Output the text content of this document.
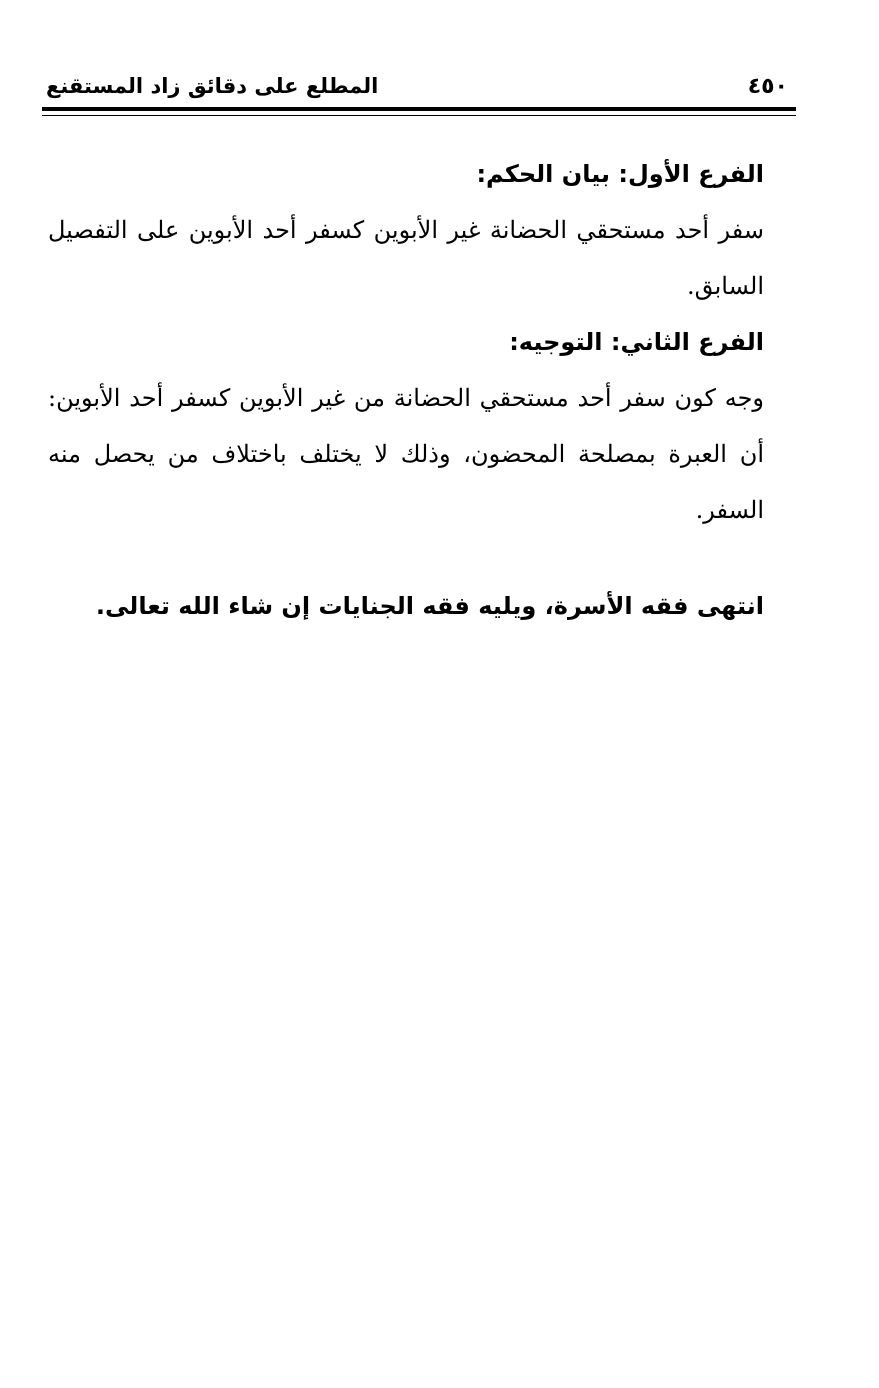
٤٥٠
المطلع على دقائق زاد المستقنع

الفرع الأول: بيان الحكم:

سفر أحد مستحقي الحضانة غير الأبوين كسفر أحد الأبوين على التفصيل السابق.

الفرع الثاني: التوجيه:

وجه كون سفر أحد مستحقي الحضانة من غير الأبوين كسفر أحد الأبوين: أن العبرة بمصلحة المحضون، وذلك لا يختلف باختلاف من يحصل منه السفر.

انتهى فقه الأسرة، ويليه فقه الجنايات إن شاء الله تعالى.
